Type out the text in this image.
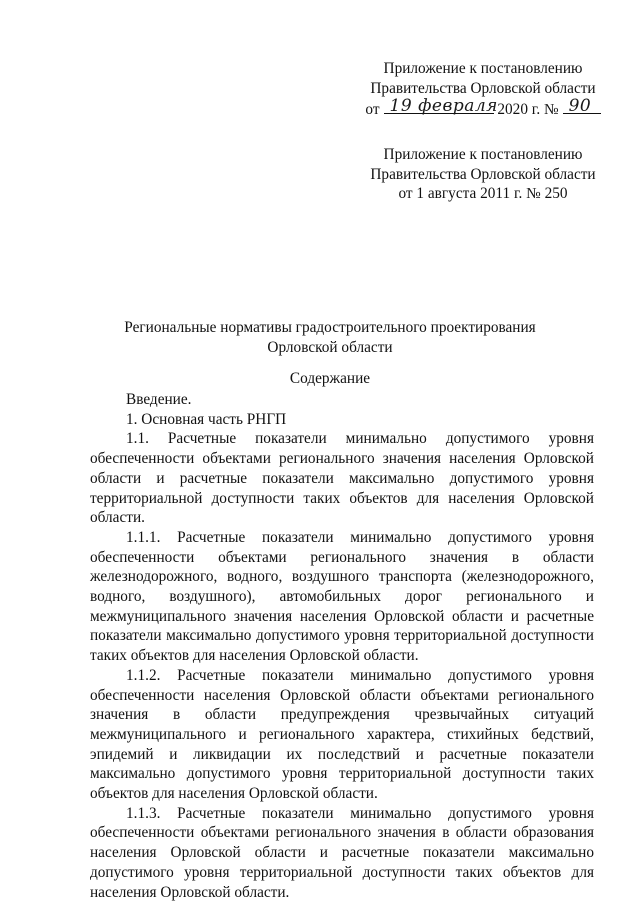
Приложение к постановлению
Правительства Орловской области
от 19 февраля 2020 г. № 90
Приложение к постановлению
Правительства Орловской области
от 1 августа 2011 г. № 250
Региональные нормативы градостроительного проектирования
Орловской области
Содержание

Введение.

1. Основная часть РНГП

1.1. Расчетные показатели минимально допустимого уровня обеспеченности объектами регионального значения населения Орловской области и расчетные показатели максимально допустимого уровня территориальной доступности таких объектов для населения Орловской области.

1.1.1. Расчетные показатели минимально допустимого уровня обеспеченности объектами регионального значения в области железнодорожного, водного, воздушного транспорта (железнодорожного, водного, воздушного), автомобильных дорог регионального и межмуниципального значения населения Орловской области и расчетные показатели максимально допустимого уровня территориальной доступности таких объектов для населения Орловской области.

1.1.2. Расчетные показатели минимально допустимого уровня обеспеченности населения Орловской области объектами регионального значения в области предупреждения чрезвычайных ситуаций межмуниципального и регионального характера, стихийных бедствий, эпидемий и ликвидации их последствий и расчетные показатели максимально допустимого уровня территориальной доступности таких объектов для населения Орловской области.

1.1.3. Расчетные показатели минимально допустимого уровня обеспеченности объектами регионального значения в области образования населения Орловской области и расчетные показатели максимально допустимого уровня территориальной доступности таких объектов для населения Орловской области.
